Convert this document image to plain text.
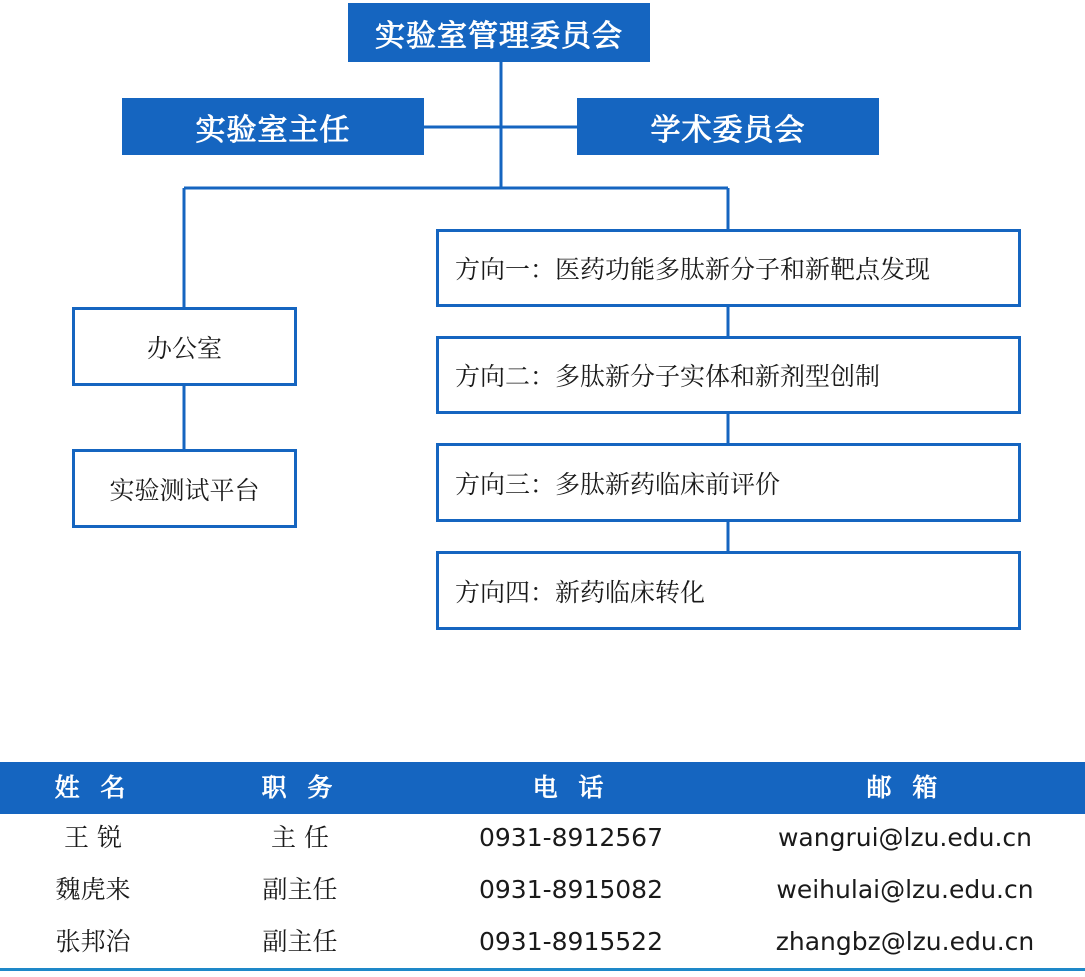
实验室管理委员会
实验室主任	学术委员会
办公室
实验测试平台
方向一：医药功能多肽新分子和新靶点发现
方向二：多肽新分子实体和新剂型创制
方向三：多肽新药临床前评价
方向四：新药临床转化
姓 名	职 务	电 话	邮 箱
王 锐	主 任	0931-8912567	wangrui@lzu.edu.cn
魏虎来	副主任	0931-8915082	weihulai@lzu.edu.cn
张邦治	副主任	0931-8915522	zhangbz@lzu.edu.cn
